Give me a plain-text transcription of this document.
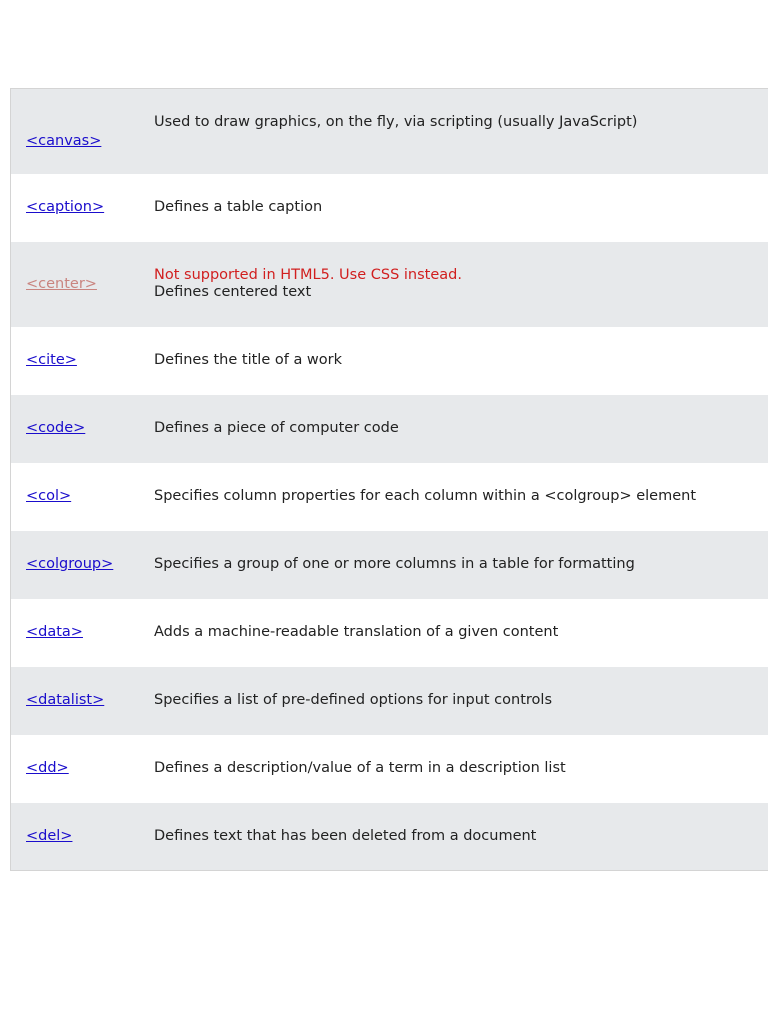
<canvas>	Used to draw graphics, on the fly, via scripting (usually JavaScript)

<caption>	Defines a table caption

<center>	Not supported in HTML5. Use CSS instead.
Defines centered text

<cite>	Defines the title of a work

<code>	Defines a piece of computer code

<col>	Specifies column properties for each column within a <colgroup> element

<colgroup>	Specifies a group of one or more columns in a table for formatting

<data>	Adds a machine-readable translation of a given content

<datalist>	Specifies a list of pre-defined options for input controls

<dd>	Defines a description/value of a term in a description list

<del>	Defines text that has been deleted from a document
